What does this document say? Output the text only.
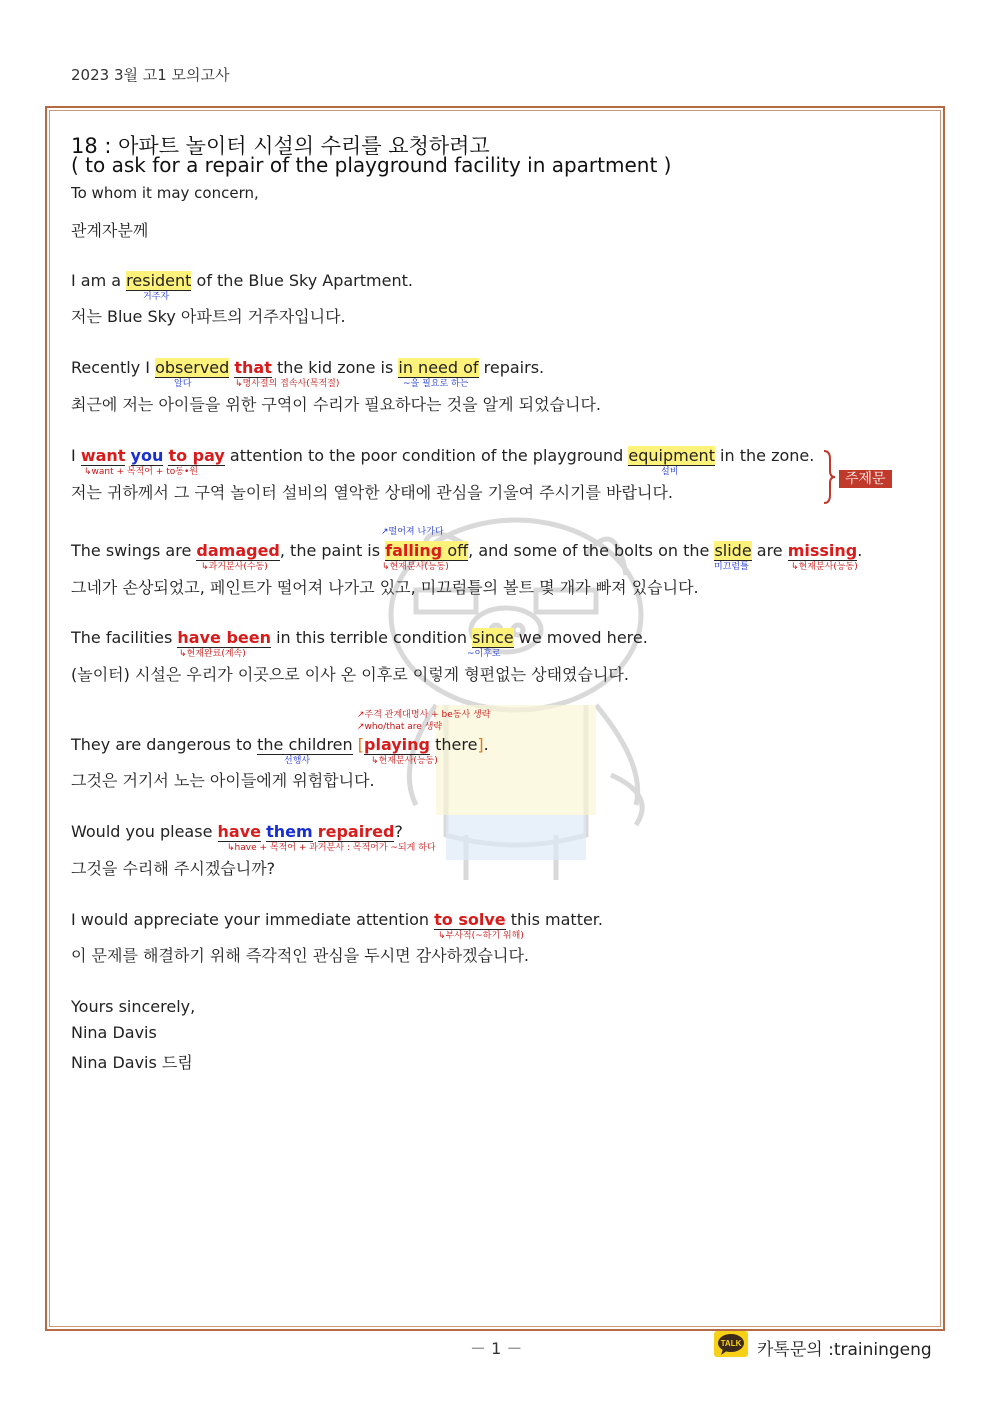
2023 3월 고1 모의고사
18 : 아파트 놀이터 시설의 수리를 요청하려고
( to ask for a repair of the playground facility in apartment )
To whom it may concern,
관계자분께
I am a resident of the Blue Sky Apartment.
거주자
저는 Blue Sky 아파트의 거주자입니다.
Recently I observed that the kid zone is in need of repairs.
알다	↳명사절의 접속사(목적절)	~을 필요로 하는
최근에 저는 아이들을 위한 구역이 수리가 필요하다는 것을 알게 되었습니다.
I want you to pay attention to the poor condition of the playground equipment in the zone.
↳want + 목적어 + to동•원	설비
저는 귀하께서 그 구역 놀이터 설비의 열악한 상태에 관심을 기울여 주시기를 바랍니다.
↗떨어져 나가다
The swings are damaged, the paint is falling off, and some of the bolts on the slide are missing.
↳과거분사(수동)	↳현재분사(능동)	미끄럼틀	↳현재분사(능동)
그네가 손상되었고, 페인트가 떨어져 나가고 있고, 미끄럼틀의 볼트 몇 개가 빠져 있습니다.
The facilities have been in this terrible condition since we moved here.
↳현재완료(계속)	~이후로
(놀이터) 시설은 우리가 이곳으로 이사 온 이후로 이렇게 형편없는 상태였습니다.
↗주격 관계대명사 + be동사 생략
↗who/that are 생략
They are dangerous to the children [playing there].
선행사	↳현재분사(능동)
그것은 거기서 노는 아이들에게 위험합니다.
Would you please have them repaired?
↳have + 목적어 + 과거분사 : 목적어가 ~되게 하다
그것을 수리해 주시겠습니까?
I would appreciate your immediate attention to solve this matter.
↳부사적(~하기 위해)
이 문제를 해결하기 위해 즉각적인 관심을 두시면 감사하겠습니다.
Yours sincerely,
Nina Davis
Nina Davis 드림
주제문
－ 1 －	TALK 카톡문의 :trainingeng
